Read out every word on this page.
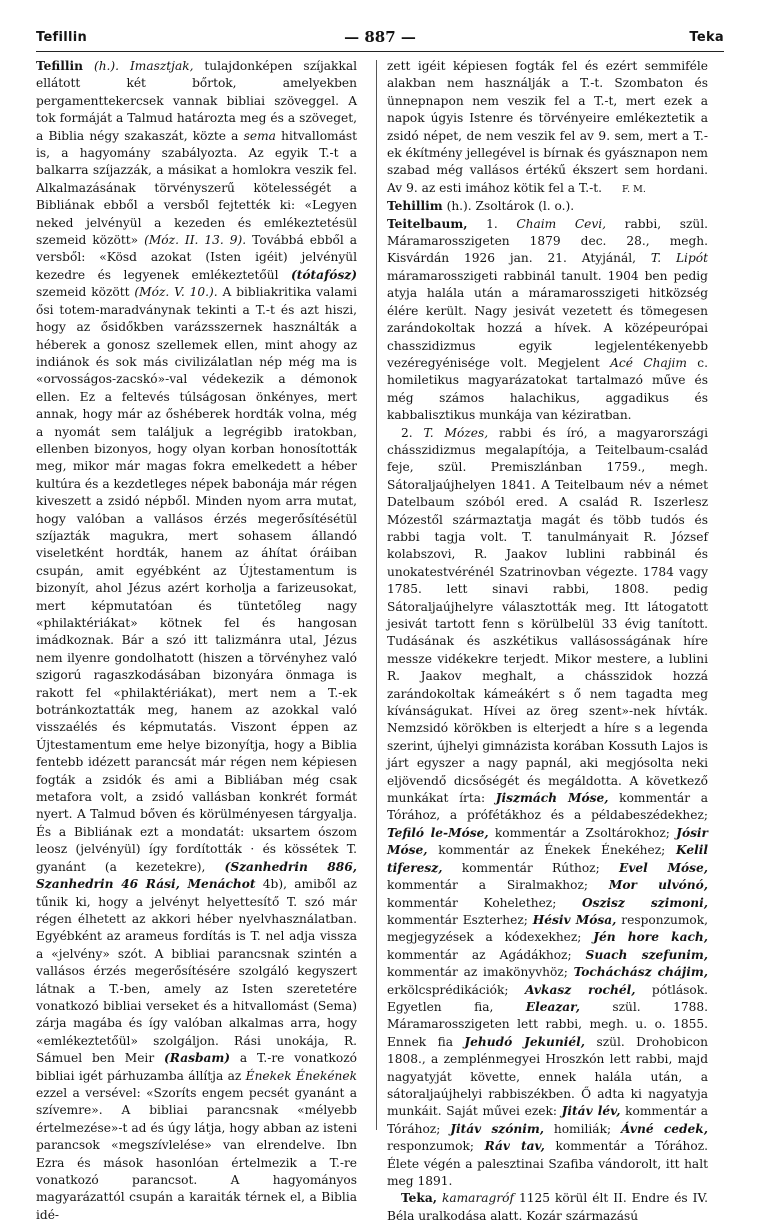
Tefillin	— 887 —	Teka

Tefillin (h.). Imasztjak, tulajdonképen szíjakkal ellátott két bőrtok, amelyekben pergamenttekercsek vannak bibliai szöveggel. A tok formáját a Talmud határozta meg és a szöveget, a Biblia négy szakaszát, közte a sema hitvallomást is, a hagyomány szabályozta. Az egyik T.-t a balkarra szíjazzák, a másikat a homlokra veszik fel. Alkalmazásának törvényszerű kötelességét a Bibliának ebből a versből fejtették ki: «Legyen neked jelvényül a kezeden és emlékeztetésül szemeid között» (Móz. II. 13. 9). Továbbá ebből a versből: «Kösd azokat (Isten igéit) jelvényül kezedre és legyenek emlékeztetőül (tótafósz) szemeid között (Móz. V. 10.). A bibliakritika valami ősi totem-maradványnak tekinti a T.-t és azt hiszi, hogy az ősidőkben varázsszernek használták a héberek a gonosz szellemek ellen, mint ahogy az indiánok és sok más civilizálatlan nép még ma is «orvosságos-zacskó»-val védekezik a démonok ellen. Ez a feltevés túlságosan önkényes, mert annak, hogy már az őshéberek hordták volna, még a nyomát sem találjuk a legrégibb iratokban, ellenben bizonyos, hogy olyan korban honosították meg, mikor már magas fokra emelkedett a héber kultúra és a kezdetleges népek babonája már régen kiveszett a zsidó népből. Minden nyom arra mutat, hogy valóban a vallásos érzés megerősítésétül szíjazták magukra, mert sohasem állandó viseletként hordták, hanem az áhítat óráiban csupán, amit egyébként az Újtestamentum is bizonyít, ahol Jézus azért korholja a farizeusokat, mert képmutatóan és tüntetőleg nagy «philaktériákat» kötnek fel és hangosan imádkoznak. Bár a szó itt talizmánra utal, Jézus nem ilyenre gondolhatott (hiszen a törvényhez való szigorú ragaszkodásában bizonyára önmaga is rakott fel «philaktériákat), mert nem a T.-ek botránkoztatták meg, hanem az azokkal való visszaélés és képmutatás. Viszont éppen az Újtestamentum eme helye bizonyítja, hogy a Biblia fentebb idézett parancsát már régen nem képiesen fogták a zsidók és ami a Bibliában még csak metafora volt, a zsidó vallásban konkrét formát nyert. A Talmud bőven és körülményesen tárgyalja. És a Bibliának ezt a mondatát: uksartem ószom leosz (jelvényül) így fordították · és kössétek T. gyanánt (a kezetekre), (Szanhedrin 886, Szanhedrin 46 Rási, Menáchot 4b), amiből az tűnik ki, hogy a jelvényt helyettesítő T. szó már régen élhetett az akkori héber nyelvhasználatban. Egyébként az arameus fordítás is T. nel adja vissza a «jelvény» szót. A bibliai parancsnak szintén a vallásos érzés megerősítésére szolgáló kegyszert látnak a T.-ben, amely az Isten szeretetére vonatkozó bibliai verseket és a hitvallomást (Sema) zárja magába és így valóban alkalmas arra, hogy «emlékeztetőül» szolgáljon. Rási unokája, R. Sámuel ben Meir (Rasbam) a T.-re vonatkozó bibliai igét párhuzamba állítja az Énekek Énekének ezzel a versével: «Szoríts engem pecsét gyanánt a szívemre». A bibliai parancsnak «mélyebb értelmezése»-t ad és úgy látja, hogy abban az isteni parancsok «megszívlelése» van elrendelve. Ibn Ezra és mások hasonlóan értelmezik a T.-re vonatkozó parancsot. A hagyományos magyarázattól csupán a karaiták térnek el, a Biblia idé-

zett igéit képiesen fogták fel és ezért semmiféle alakban nem használják a T.-t. Szombaton és ünnepnapon nem veszik fel a T.-t, mert ezek a napok úgyis Istenre és törvényeire emlékeztetik a zsidó népet, de nem veszik fel av 9. sem, mert a T.-ek ékítmény jellegével is bírnak és gyásznapon nem szabad még vallásos értékű ékszert sem hordani. Av 9. az esti imához kötik fel a T.-t. F. M.

Tehillim (h.). Zsoltárok (l. o.).

Teitelbaum, 1. Chaim Cevi, rabbi, szül. Máramarosszigeten 1879 dec. 28., megh. Kisvárdán 1926 jan. 21. Atyjánál, T. Lipót máramarosszigeti rabbinál tanult. 1904 ben pedig atyja halála után a máramarosszigeti hitközség élére került. Nagy jesivát vezetett és tömegesen zarándokoltak hozzá a hívek. A középeurópai chasszidizmus egyik legjelentékenyebb vezéregyénisége volt. Megjelent Acé Chajim c. homiletikus magyarázatokat tartalmazó műve és még számos halachikus, aggadikus és kabbalisztikus munkája van kéziratban.

2. T. Mózes, rabbi és író, a magyarországi chásszidizmus megalapítója, a Teitelbaum-család feje, szül. Premiszlánban 1759., megh. Sátoraljaújhelyen 1841. A Teitelbaum név a német Datelbaum szóból ered. A család R. Iszerlesz Mózestől származtatja magát és több tudós és rabbi tagja volt. T. tanulmányait R. József kolabszovi, R. Jaakov lublini rabbinál és unokatestvérénél Szatrinovban végezte. 1784 vagy 1785. lett sinavi rabbi, 1808. pedig Sátoraljaújhelyre választották meg. Itt látogatott jesivát tartott fenn s körülbelül 33 évig tanított. Tudásának és aszkétikus vallásosságának híre messze vidékekre terjedt. Mikor mestere, a lublini R. Jaakov meghalt, a chásszidok hozzá zarándokoltak kámeákért s ő nem tagadta meg kívánságukat. Hívei az öreg szent»-nek hívták. Nemzsidó körökben is elterjedt a híre s a legenda szerint, újhelyi gimnázista korában Kossuth Lajos is járt egyszer a nagy papnál, aki megjósolta neki eljövendő dicsőségét és megáldotta. A következő munkákat írta: Jiszmách Móse, kommentár a Tórához, a prófétákhoz és a példabeszédekhez; Tefiló le-Móse, kommentár a Zsoltárokhoz; Jósir Móse, kommentár az Énekek Énekéhez; Kelil tiferesz, kommentár Rúthoz; Evel Móse, kommentár a Siralmakhoz; Mor ulvónó, kommentár Kohelethez; Oszisz szimoni, kommentár Eszterhez; Hésiv Mósa, responzumok, megjegyzések a kódexekhez; Jén hore kach, kommentár az Agádákhoz; Suach szefunim, kommentár az imakönyvhöz; Tocháchász chájim, erkölcsprédikációk; Avkasz rochél, pótlások. Egyetlen fia, Eleazar, szül. 1788. Máramarosszigeten lett rabbi, megh. u. o. 1855. Ennek fia Jehudó Jekuniél, szül. Drohobicon 1808., a zemplénmegyei Hroszkón lett rabbi, majd nagyatyját követte, ennek halála után, a sátoraljaújhelyi rabbiszékben. Ő adta ki nagyatyja munkáit. Saját művei ezek: Jitáv lév, kommentár a Tórához; Jitáv szónim, homiliák; Ávné cedek, responzumok; Ráv tav, kommentár a Tórához. Élete végén a palesztinai Szafiba vándorolt, itt halt meg 1891.

Teka, kamaragróf 1125 körül élt II. Endre és IV. Béla uralkodása alatt. Kozár származású
